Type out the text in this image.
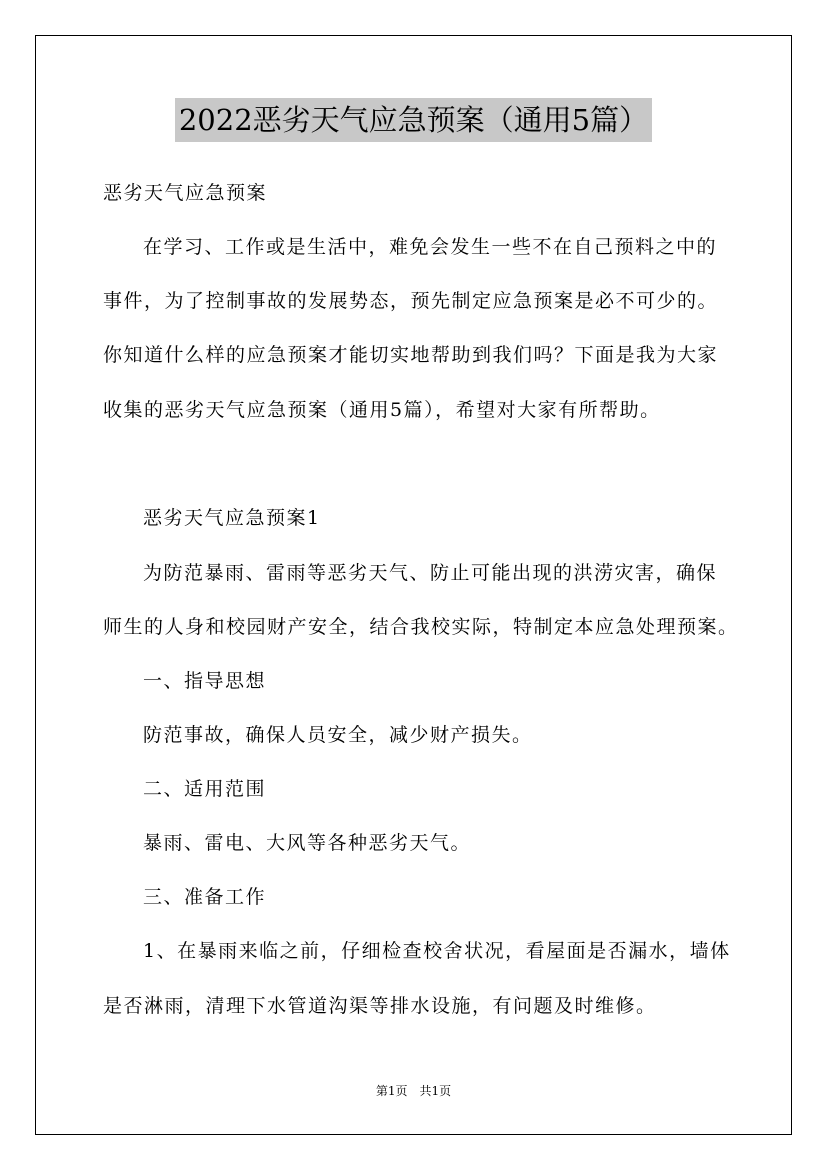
2022恶劣天气应急预案（通用5篇）
恶劣天气应急预案
在学习、工作或是生活中，难免会发生一些不在自己预料之中的
事件，为了控制事故的发展势态，预先制定应急预案是必不可少的。
你知道什么样的应急预案才能切实地帮助到我们吗？下面是我为大家
收集的恶劣天气应急预案（通用5篇），希望对大家有所帮助。
恶劣天气应急预案1
为防范暴雨、雷雨等恶劣天气、防止可能出现的洪涝灾害，确保
师生的人身和校园财产安全，结合我校实际，特制定本应急处理预案。
一、指导思想
防范事故，确保人员安全，减少财产损失。
二、适用范围
暴雨、雷电、大风等各种恶劣天气。
三、准备工作
1、在暴雨来临之前，仔细检查校舍状况，看屋面是否漏水，墙体
是否淋雨，清理下水管道沟渠等排水设施，有问题及时维修。
第1页　共1页
